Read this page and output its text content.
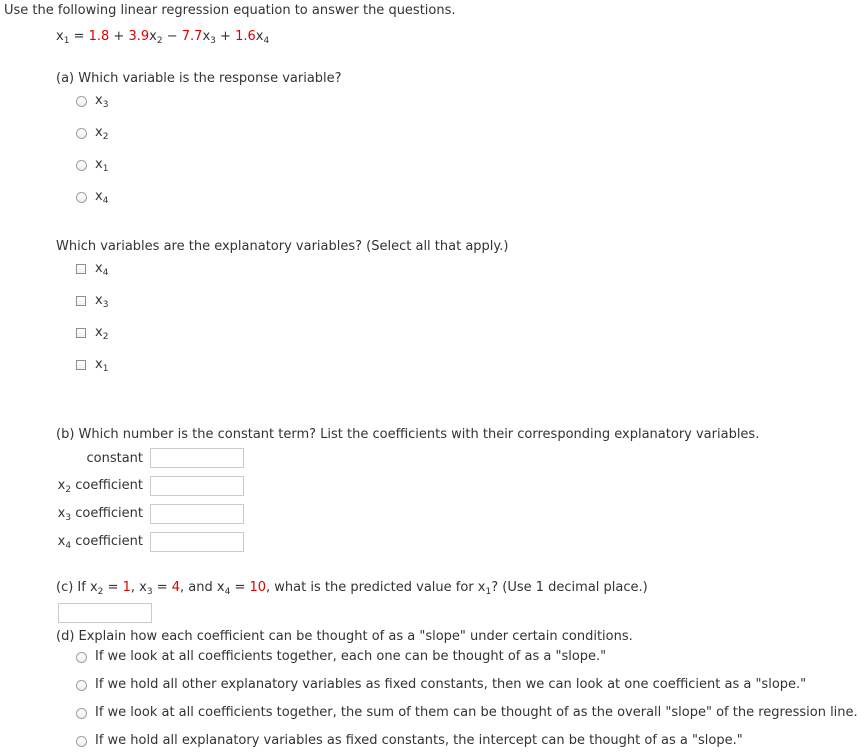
Use the following linear regression equation to answer the questions.
$x_1 = 1.8 + 3.9x_2 - 7.7x_3 + 1.6x_4$
(a) Which variable is the response variable?
$x_3$
$x_2$
$x_1$
$x_4$
Which variables are the explanatory variables? (Select all that apply.)
$x_4$
$x_3$
$x_2$
$x_1$
(b) Which number is the constant term? List the coefficients with their corresponding explanatory variables.
constant
$x_2$ coefficient
$x_3$ coefficient
$x_4$ coefficient
(c) If $x_2 = 1$, $x_3 = 4$, and $x_4 = 10$, what is the predicted value for $x_1$? (Use 1 decimal place.)
(d) Explain how each coefficient can be thought of as a "slope" under certain conditions.
If we look at all coefficients together, each one can be thought of as a "slope."
If we hold all other explanatory variables as fixed constants, then we can look at one coefficient as a "slope."
If we look at all coefficients together, the sum of them can be thought of as the overall "slope" of the regression line.
If we hold all explanatory variables as fixed constants, the intercept can be thought of as a "slope."
